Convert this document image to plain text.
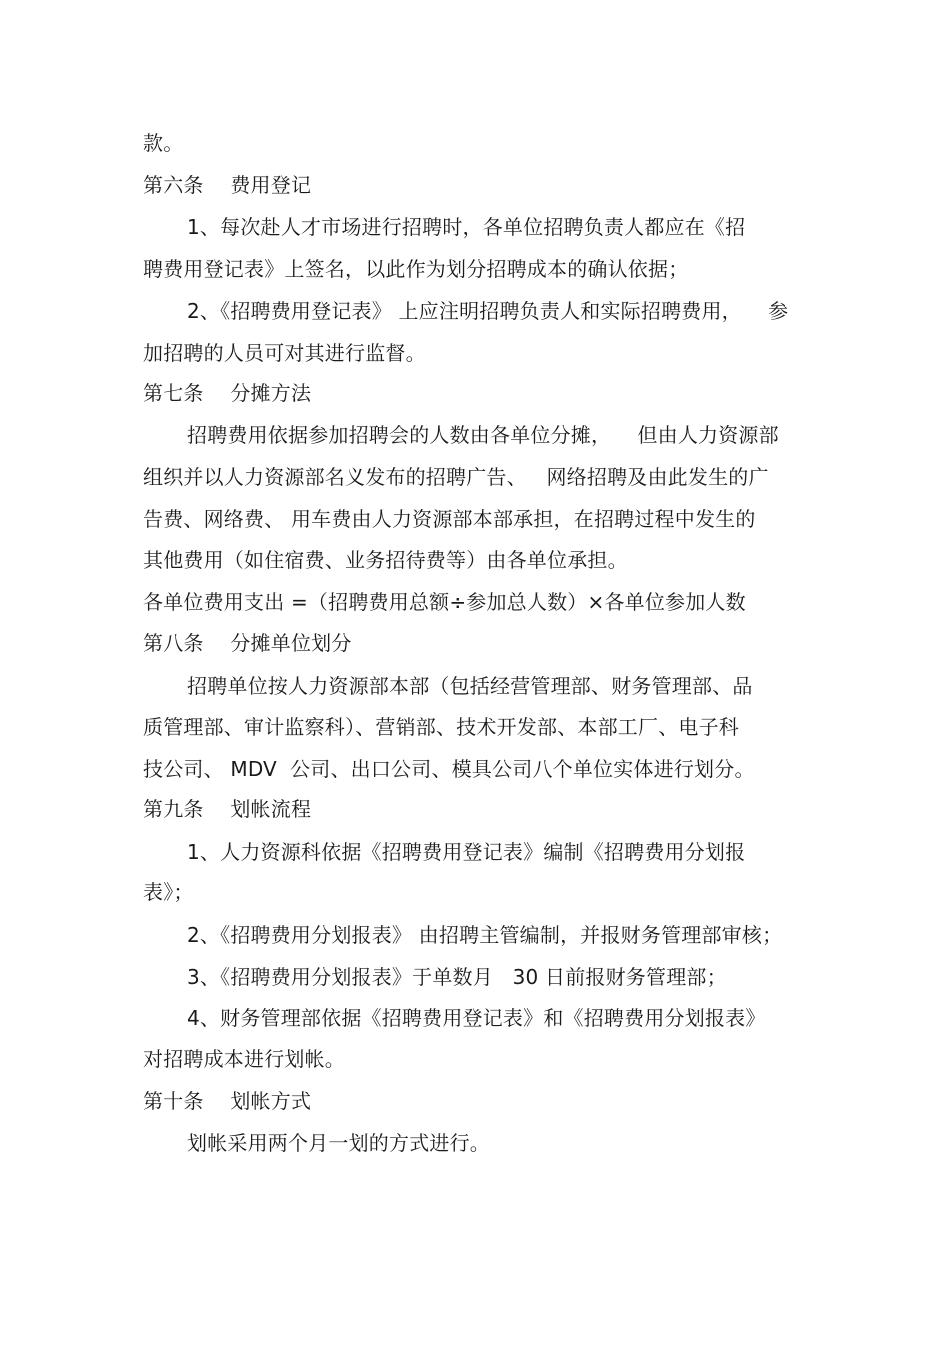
款。
第六条　 费用登记
1、每次赴人才市场进行招聘时，各单位招聘负责人都应在《招
聘费用登记表》上签名，以此作为划分招聘成本的确认依据；
2、《招聘费用登记表》 上应注明招聘负责人和实际招聘费用，    参
加招聘的人员可对其进行监督。
第七条　 分摊方法
招聘费用依据参加招聘会的人数由各单位分摊，    但由人力资源部
组织并以人力资源部名义发布的招聘广告、   网络招聘及由此发生的广
告费、网络费、 用车费由人力资源部本部承担，在招聘过程中发生的
其他费用（如住宿费、业务招待费等）由各单位承担。
各单位费用支出 =（招聘费用总额÷参加总人数）×各单位参加人数
第八条　 分摊单位划分
招聘单位按人力资源部本部（包括经营管理部、财务管理部、品
质管理部、审计监察科）、营销部、技术开发部、本部工厂、电子科
技公司、 MDV  公司、出口公司、模具公司八个单位实体进行划分。
第九条　 划帐流程
1、人力资源科依据《招聘费用登记表》编制《招聘费用分划报
表》；
2、《招聘费用分划报表》 由招聘主管编制，并报财务管理部审核；
3、《招聘费用分划报表》于单数月   30 日前报财务管理部；
4、财务管理部依据《招聘费用登记表》和《招聘费用分划报表》
对招聘成本进行划帐。
第十条　 划帐方式
划帐采用两个月一划的方式进行。
